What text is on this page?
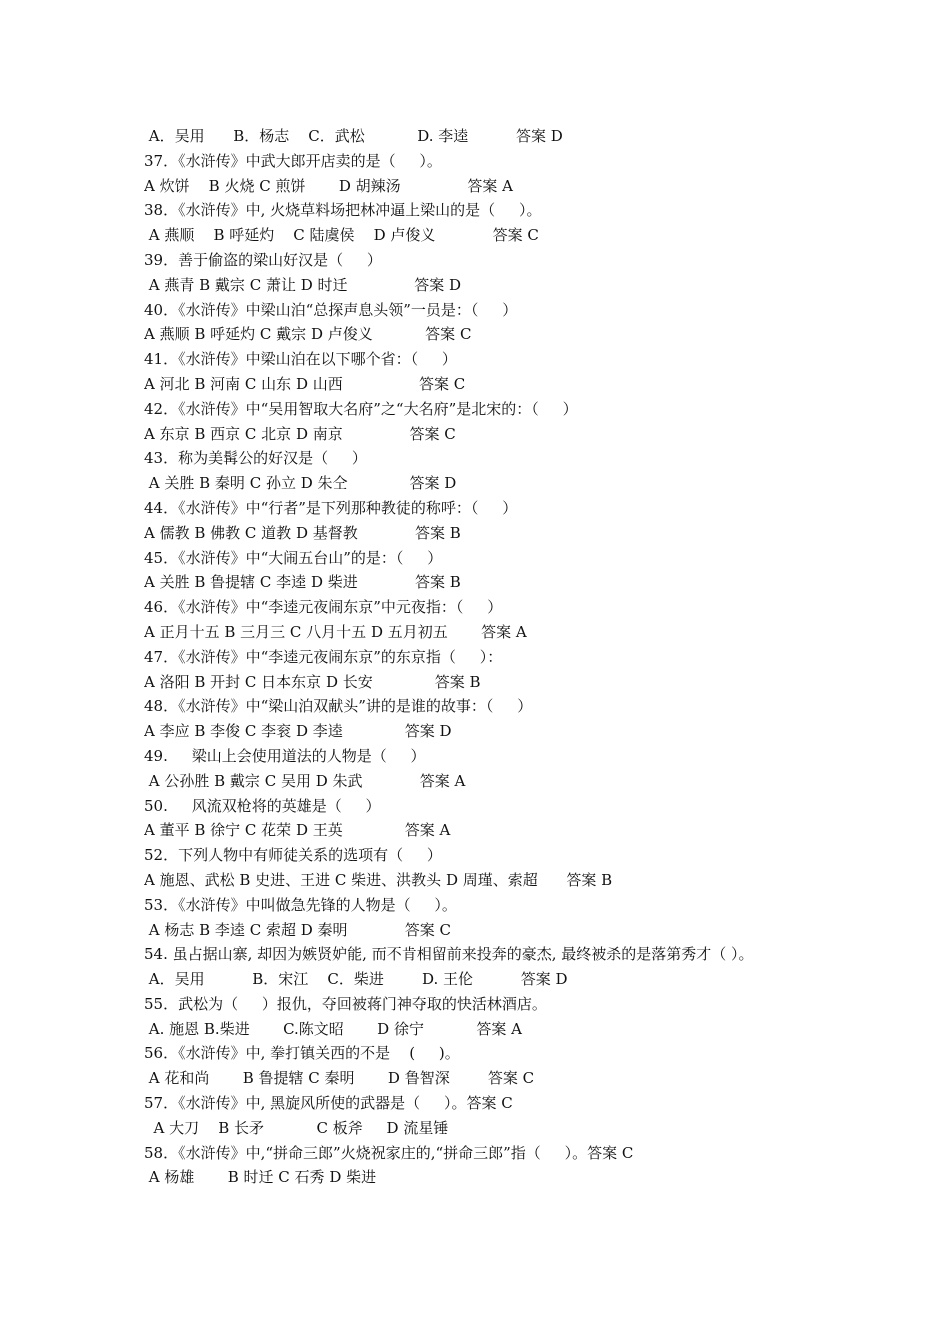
A．吴用      B．杨志    C．武松           D. 李逵          答案 D
37．《水浒传》中武大郎开店卖的是（     ）。
A 炊饼    B 火烧 C 煎饼       D 胡辣汤              答案 A
38．《水浒传》中, 火烧草料场把林冲逼上梁山的是（     ）。
A 燕顺    B 呼延灼    C 陆虞侯    D 卢俊义            答案 C
39．善于偷盗的梁山好汉是（     ）
A 燕青 B 戴宗 C 萧让 D 时迁              答案 D
40．《水浒传》中梁山泊“总探声息头领”一员是：（     ）
A 燕顺 B 呼延灼 C 戴宗 D 卢俊义           答案 C
41．《水浒传》中梁山泊在以下哪个省：（     ）
A 河北 B 河南 C 山东 D 山西                答案 C
42．《水浒传》中“吴用智取大名府”之“大名府”是北宋的：（     ）
A 东京 B 西京 C 北京 D 南京              答案 C
43．称为美髯公的好汉是（     ）
A 关胜 B 秦明 C 孙立 D 朱仝             答案 D
44．《水浒传》中“行者”是下列那种教徒的称呼：（     ）
A 儒教 B 佛教 C 道教 D 基督教            答案 B
45．《水浒传》中“大闹五台山”的是：（     ）
A 关胜 B 鲁提辖 C 李逵 D 柴进            答案 B
46．《水浒传》中“李逵元夜闹东京”中元夜指：（     ）
A 正月十五 B 三月三 C 八月十五 D 五月初五       答案 A
47．《水浒传》中“李逵元夜闹东京”的东京指（     ）：
A 洛阳 B 开封 C 日本东京 D 长安             答案 B
48．《水浒传》中“梁山泊双献头”讲的是谁的故事：（     ）
A 李应 B 李俊 C 李衮 D 李逵             答案 D
49.     梁山上会使用道法的人物是（     ）
A 公孙胜 B 戴宗 C 吴用 D 朱武            答案 A
50.     风流双枪将的英雄是（     ）
A 董平 B 徐宁 C 花荣 D 王英             答案 A
52．下列人物中有师徒关系的选项有（     ）
A 施恩、武松 B 史进、王进 C 柴进、洪教头 D 周瑾、索超      答案 B
53．《水浒传》中叫做急先锋的人物是（     ）。
A 杨志 B 李逵 C 索超 D 秦明            答案 C
54. 虽占据山寨, 却因为嫉贤妒能, 而不肯相留前来投奔的豪杰, 最终被杀的是落第秀才（ ）。
A．吴用          B．宋江    C．柴进        D. 王伦          答案 D
55．武松为（     ）报仇，夺回被蒋门神夺取的快活林酒店。
A. 施恩 B.柴进       C.陈文昭       D 徐宁           答案 A
56．《水浒传》中, 拳打镇关西的不是    (     )。
A 花和尚       B 鲁提辖 C 秦明       D 鲁智深        答案 C
57．《水浒传》中, 黑旋风所使的武器是（     ）。答案 C
A 大刀    B 长矛           C 板斧     D 流星锤
58．《水浒传》中,“拼命三郎”火烧祝家庄的,“拼命三郎”指（     ）。答案 C
A 杨雄       B 时迁 C 石秀 D 柴进
